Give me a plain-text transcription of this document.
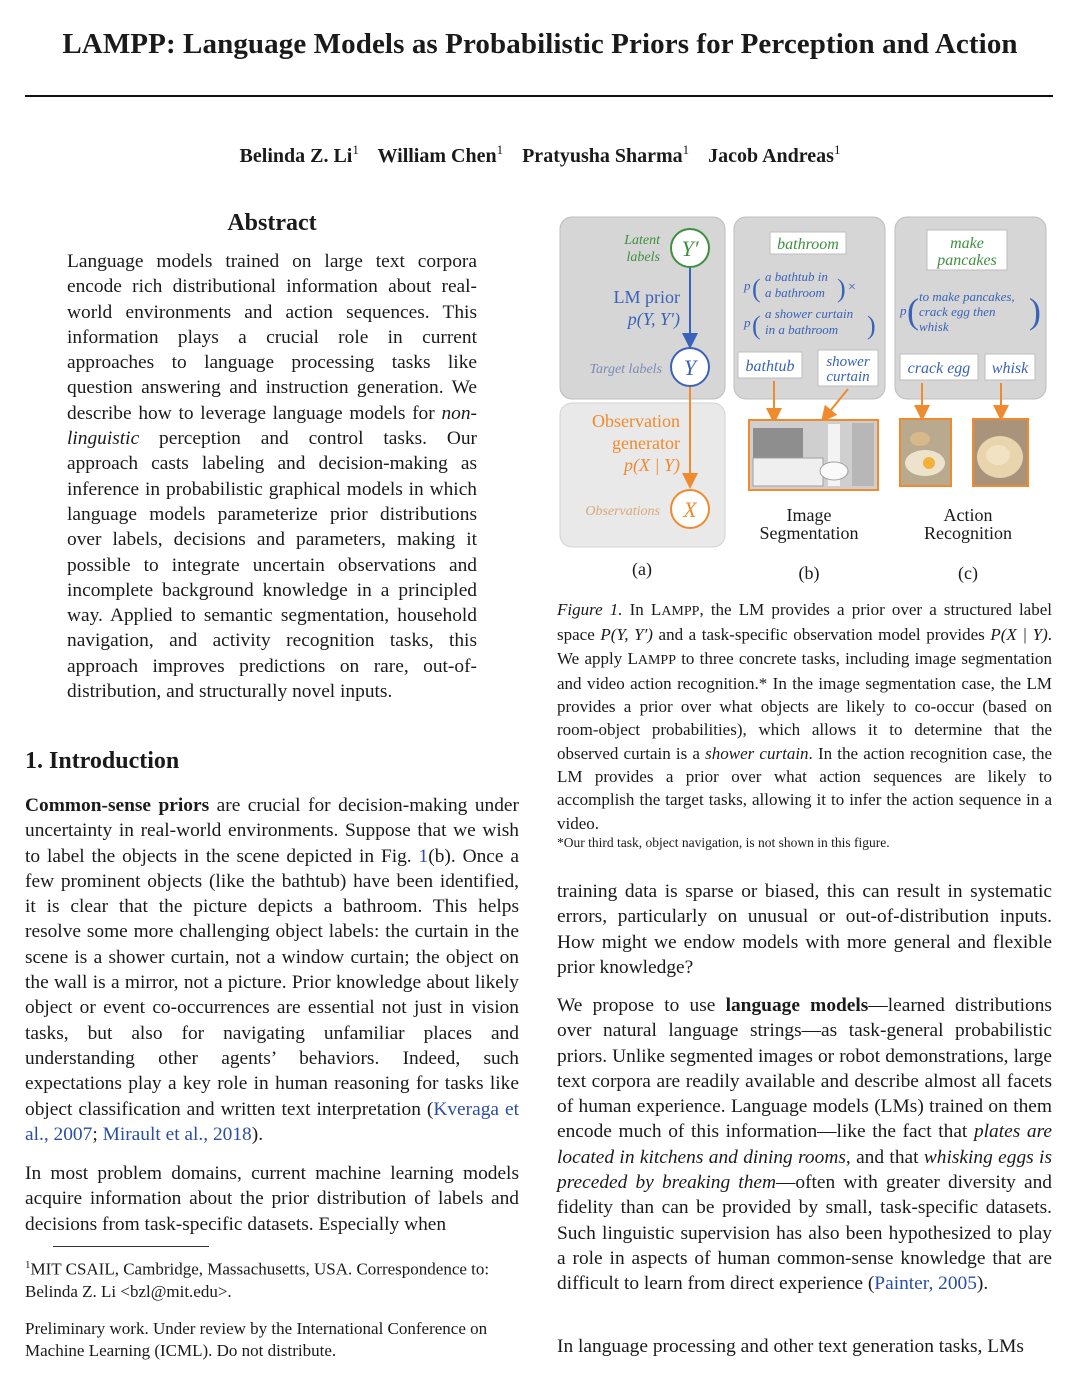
LAMPP: Language Models as Probabilistic Priors for Perception and Action
Belinda Z. Li$^1$ William Chen$^1$ Pratyusha Sharma$^1$ Jacob Andreas$^1$
Abstract
Language models trained on large text corpora encode rich distributional information about real-world environments and action sequences. This information plays a crucial role in current approaches to language processing tasks like question answering and instruction generation. We describe how to leverage language models for non-linguistic perception and control tasks. Our approach casts labeling and decision-making as inference in probabilistic graphical models in which language models parameterize prior distributions over labels, decisions and parameters, making it possible to integrate uncertain observations and incomplete background knowledge in a principled way. Applied to semantic segmentation, household navigation, and activity recognition tasks, this approach improves predictions on rare, out-of-distribution, and structurally novel inputs.
1. Introduction

Common-sense priors are crucial for decision-making under uncertainty in real-world environments. Suppose that we wish to label the objects in the scene depicted in Fig. 1(b). Once a few prominent objects (like the bathtub) have been identified, it is clear that the picture depicts a bathroom. This helps resolve some more challenging object labels: the curtain in the scene is a shower curtain, not a window curtain; the object on the wall is a mirror, not a picture. Prior knowledge about likely object or event co-occurrences are essential not just in vision tasks, but also for navigating unfamiliar places and understanding other agents’ behaviors. Indeed, such expectations play a key role in human reasoning for tasks like object classification and written text interpretation (Kveraga et al., 2007; Mirault et al., 2018).

In most problem domains, current machine learning models acquire information about the prior distribution of labels and decisions from task-specific datasets. Especially when
$^1$MIT CSAIL, Cambridge, Massachusetts, USA. Correspondence to: Belinda Z. Li <bzl@mit.edu>.
Preliminary work. Under review by the International Conference on Machine Learning (ICML). Do not distribute.
Latent
labels Y′
LM prior
p(Y, Y′)
Target labels Y
Observation
generator
p(X | Y)
Observations X
(a)
bathroom
p ( a bathtub in
a bathroom ) ×
p ( a shower curtain
in a bathroom )
bathtub shower
curtain
Image
Segmentation
(b)
make
pancakes
p ( to make pancakes,
crack egg then
whisk )
crack egg whisk
Action
Recognition
(c)
Figure 1. In LAMPP, the LM provides a prior over a structured label space P(Y, Y′) and a task-specific observation model provides P(X | Y). We apply LAMPP to three concrete tasks, including image segmentation and video action recognition.* In the image segmentation case, the LM provides a prior over what objects are likely to co-occur (based on room-object probabilities), which allows it to determine that the observed curtain is a shower curtain. In the action recognition case, the LM provides a prior over what action sequences are likely to accomplish the target tasks, allowing it to infer the action sequence in a video.
*Our third task, object navigation, is not shown in this figure.
training data is sparse or biased, this can result in systematic errors, particularly on unusual or out-of-distribution inputs. How might we endow models with more general and flexible prior knowledge?
We propose to use language models—learned distributions over natural language strings—as task-general probabilistic priors. Unlike segmented images or robot demonstrations, large text corpora are readily available and describe almost all facets of human experience. Language models (LMs) trained on them encode much of this information—like the fact that plates are located in kitchens and dining rooms, and that whisking eggs is preceded by breaking them—often with greater diversity and fidelity than can be provided by small, task-specific datasets. Such linguistic supervision has also been hypothesized to play a role in aspects of human common-sense knowledge that are difficult to learn from direct experience (Painter, 2005).
In language processing and other text generation tasks, LMs
